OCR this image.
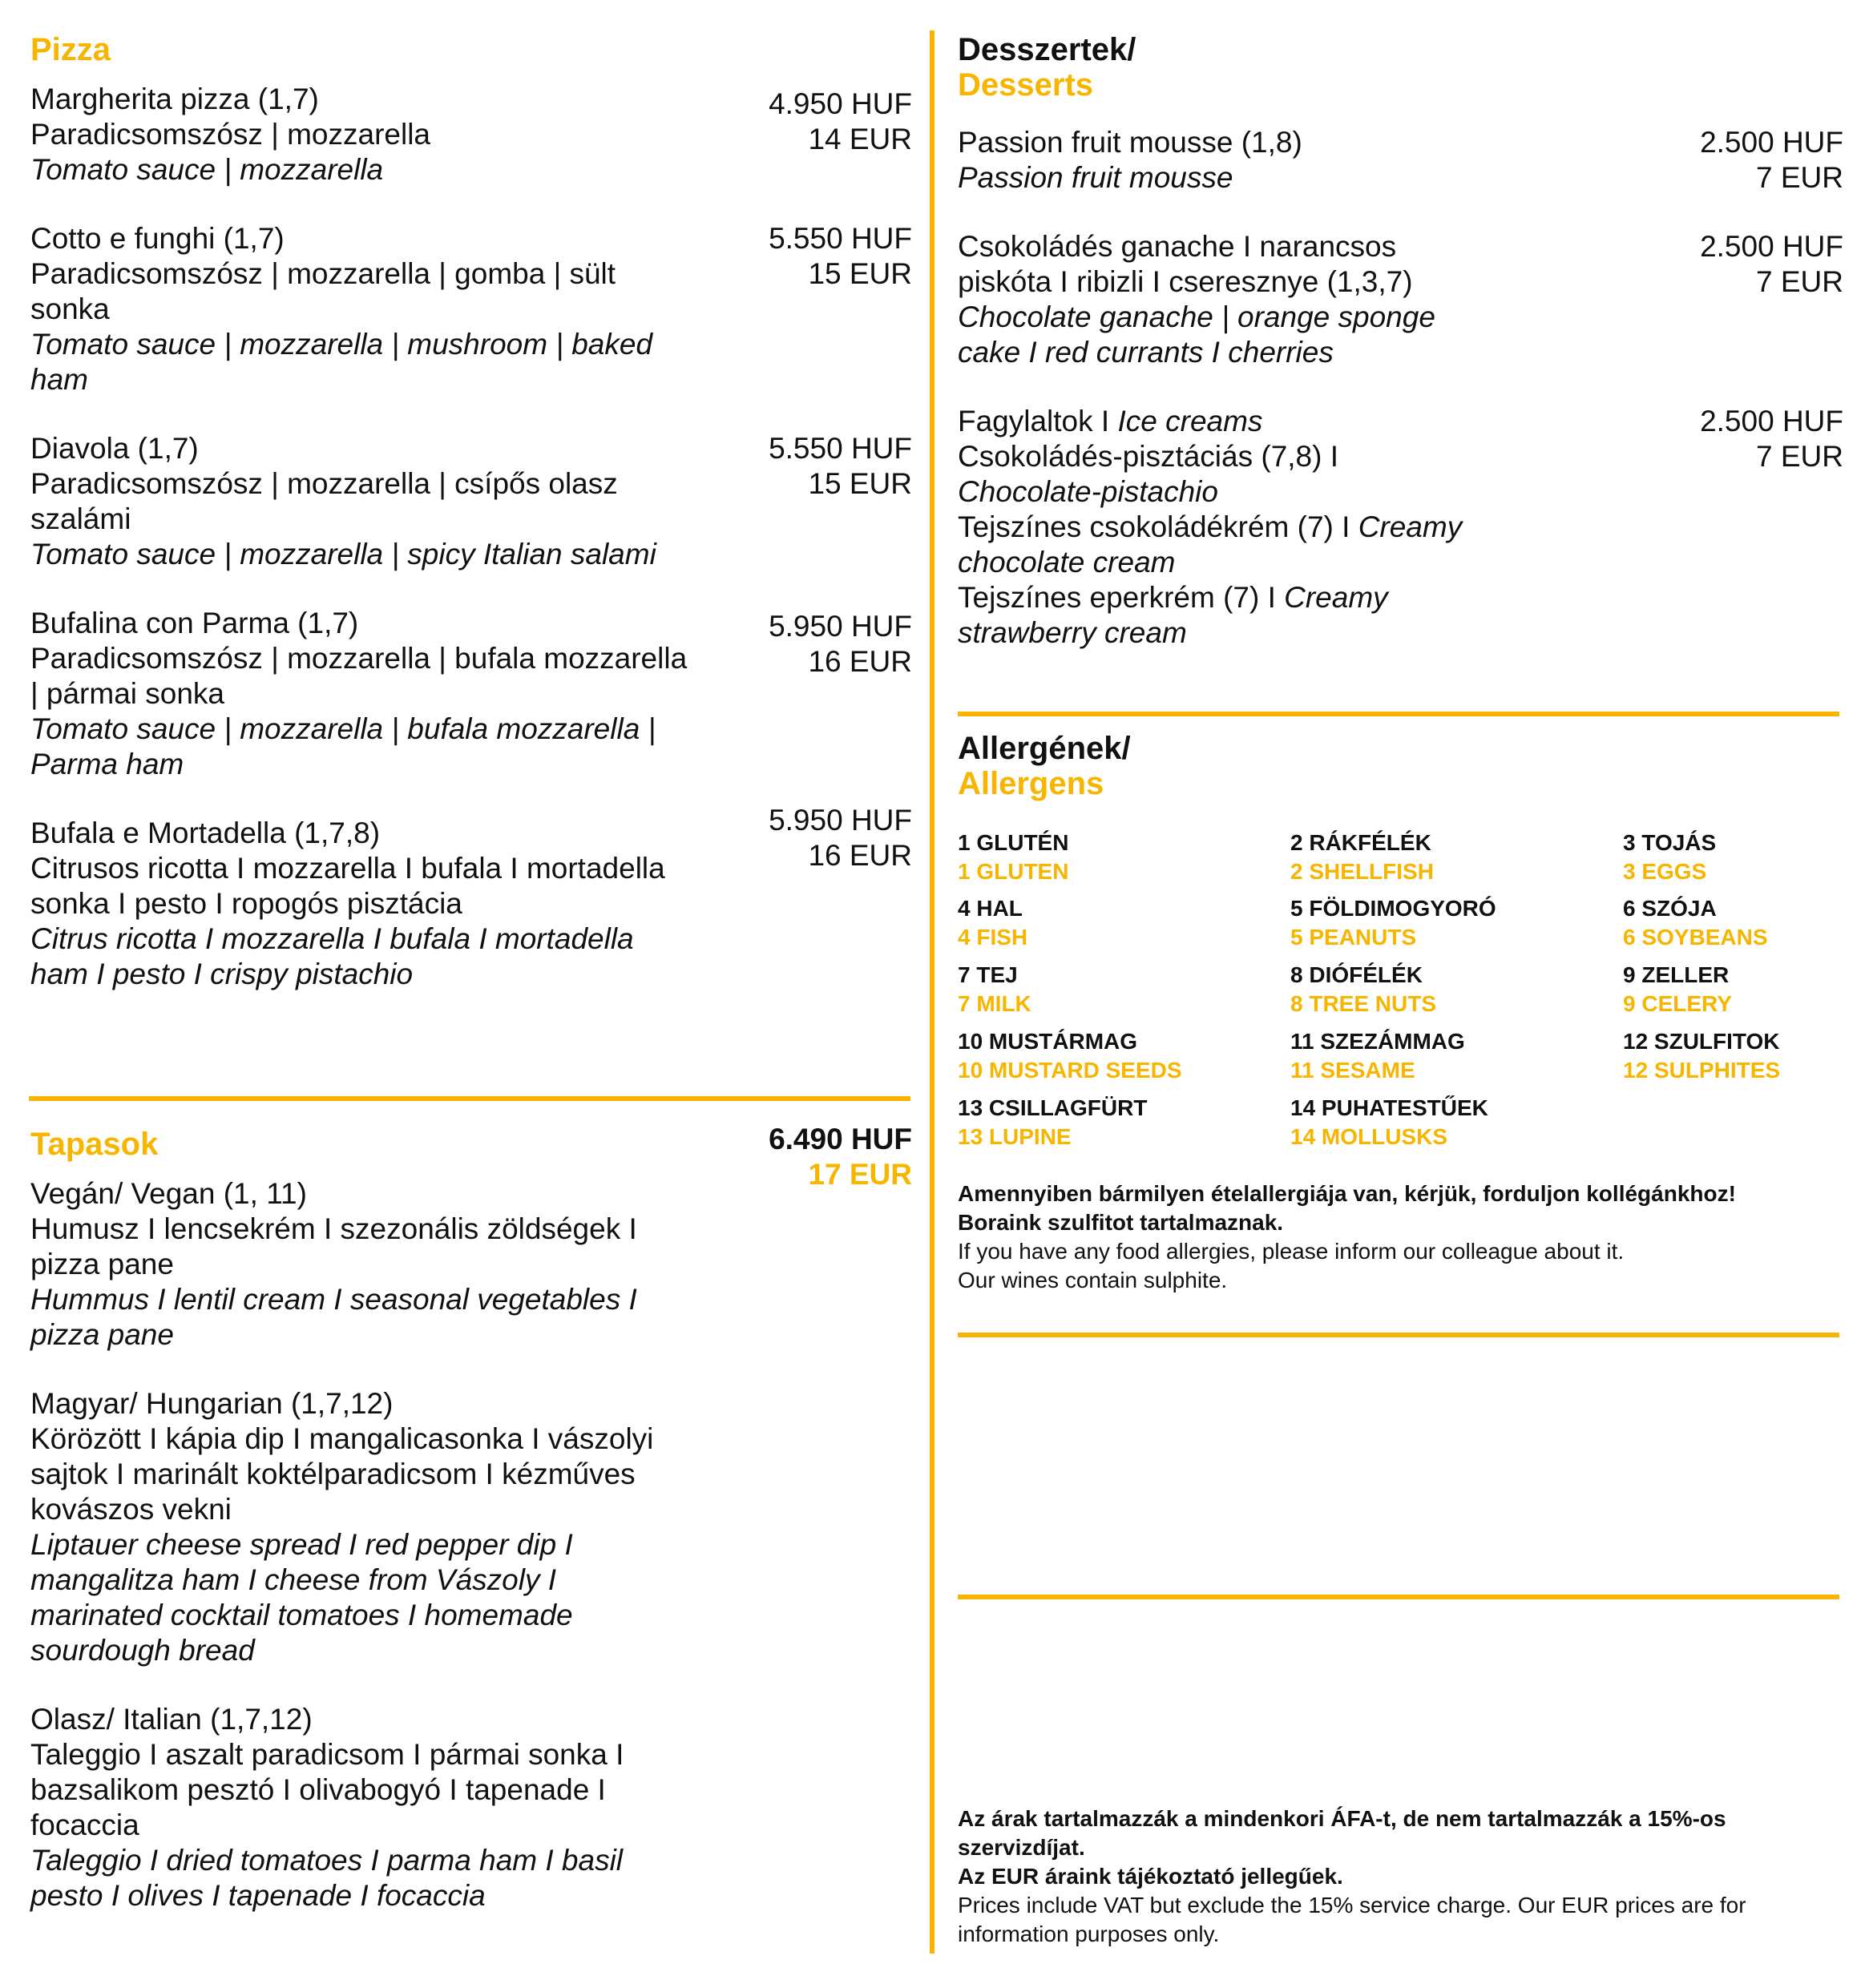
Pizza
Margherita pizza (1,7)
Paradicsomszósz | mozzarella
Tomato sauce | mozzarella
4.950 HUF
14 EUR
Cotto e funghi (1,7)
Paradicsomszósz | mozzarella | gomba | sült sonka
Tomato sauce | mozzarella | mushroom | baked ham
5.550 HUF
15 EUR
Diavola (1,7)
Paradicsomszósz | mozzarella | csípős olasz szalámi
Tomato sauce | mozzarella | spicy Italian salami
5.550 HUF
15 EUR
Bufalina con Parma (1,7)
Paradicsomszósz | mozzarella | bufala mozzarella | pármai sonka
Tomato sauce | mozzarella | bufala mozzarella | Parma ham
5.950 HUF
16 EUR
Bufala e Mortadella (1,7,8)
Citrusos ricotta I mozzarella I bufala I mortadella sonka I pesto I ropogós pisztácia
Citrus ricotta I mozzarella I bufala I mortadella ham I pesto I crispy pistachio
5.950 HUF
16 EUR
Tapasok	6.490 HUF
17 EUR
Vegán/ Vegan (1, 11)
Humusz I lencsekrém I szezonális zöldségek I pizza pane
Hummus I lentil cream I seasonal vegetables I pizza pane
Magyar/ Hungarian (1,7,12)
Körözött I kápia dip I mangalicasonka I vászolyi sajtok I marinált koktélparadicsom I kézműves kovászos vekni
Liptauer cheese spread I red pepper dip I mangalitza ham I cheese from Vászoly I marinated cocktail tomatoes I homemade sourdough bread
Olasz/ Italian (1,7,12)
Taleggio I aszalt paradicsom I pármai sonka I bazsalikom pesztó I olivabogyó I tapenade I focaccia
Taleggio I dried tomatoes I parma ham I basil pesto I olives I tapenade I focaccia
Desszertek/
Desserts
Passion fruit mousse (1,8)
Passion fruit mousse
2.500 HUF
7 EUR
Csokoládés ganache I narancsos piskóta I ribizli I cseresznye (1,3,7)
Chocolate ganache | orange sponge cake I red currants I cherries
2.500 HUF
7 EUR
Fagylaltok I Ice creams
Csokoládés-pisztáciás (7,8) I Chocolate-pistachio
Tejszínes csokoládékrém (7) I Creamy chocolate cream
Tejszínes eperkrém (7) I Creamy strawberry cream
2.500 HUF
7 EUR
Allergének/
Allergens
1 GLUTÉN
1 GLUTEN
2 RÁKFÉLÉK
2 SHELLFISH
3 TOJÁS
3 EGGS
4 HAL
4 FISH
5 FÖLDIMOGYORÓ
5 PEANUTS
6 SZÓJA
6 SOYBEANS
7 TEJ
7 MILK
8 DIÓFÉLÉK
8 TREE NUTS
9 ZELLER
9 CELERY
10 MUSTÁRMAG
10 MUSTARD SEEDS
11 SZEZÁMMAG
11 SESAME
12 SZULFITOK
12 SULPHITES
13 CSILLAGFÜRT
13 LUPINE
14 PUHATESTŰEK
14 MOLLUSKS
Amennyiben bármilyen ételallergiája van, kérjük, forduljon kollégánkhoz!
Boraink szulfitot tartalmaznak.
If you have any food allergies, please inform our colleague about it.
Our wines contain sulphite.
Az árak tartalmazzák a mindenkori ÁFA-t, de nem tartalmazzák a 15%-os szervizdíjat.
Az EUR áraink tájékoztató jellegűek.
Prices include VAT but exclude the 15% service charge. Our EUR prices are for information purposes only.
